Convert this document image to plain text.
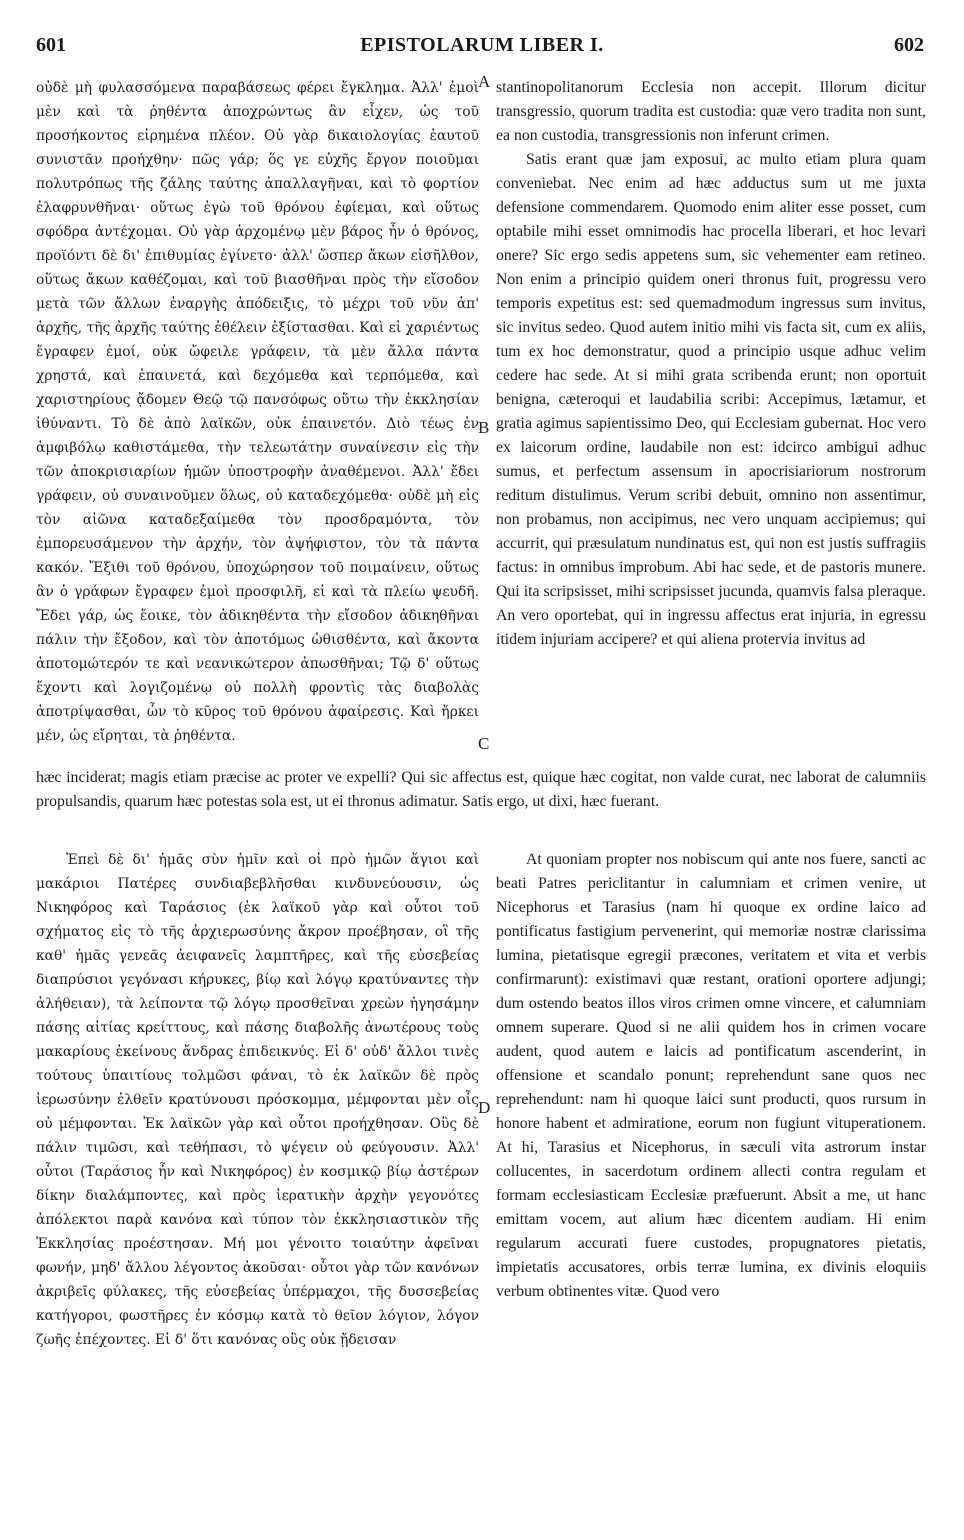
601	EPISTOLARUM LIBER I.	602

οὐδὲ μὴ φυλασσόμενα παραβάσεως φέρει ἔγκλημα. Ἀλλ' ἐμοὶ μὲν καὶ τὰ ῥηθέντα ἀποχρώντως ἂν εἶχεν, ὡς τοῦ προσήκοντος εἰρημένα πλέον. Οὐ γὰρ δικαιολογίας ἑαυτοῦ συνιστᾶν προήχθην· πῶς γάρ; ὅς γε εὐχῆς ἔργον ποιοῦμαι πολυτρόπως τῆς ζάλης ταύτης ἀπαλλαγῆναι, καὶ τὸ φορτίον ἐλαφρυνθῆναι· οὕτως ἐγὼ τοῦ θρόνου ἐφίεμαι, καὶ οὕτως σφόδρα ἀντέχομαι. Οὐ γὰρ ἀρχομένῳ μὲν βάρος ἦν ὁ θρόνος, προϊόντι δὲ δι' ἐπιθυμίας ἐγίνετο· ἀλλ' ὥσπερ ἄκων εἰσῆλθον, οὕτως ἄκων καθέζομαι, καὶ τοῦ βιασθῆναι πρὸς τὴν εἴσοδον μετὰ τῶν ἄλλων ἐναργὴς ἀπόδειξις, τὸ μέχρι τοῦ νῦν ἀπ' ἀρχῆς, τῆς ἀρχῆς ταύτης ἐθέλειν ἐξίστασθαι. Καὶ εἰ χαριέντως ἔγραφεν ἐμοί, οὐκ ὤφειλε γράφειν, τὰ μὲν ἄλλα πάντα χρηστά, καὶ ἐπαινετά, καὶ δεχόμεθα καὶ τερπόμεθα, καὶ χαριστηρίους ᾄδομεν Θεῷ τῷ πανσόφως οὕτω τὴν ἐκκλησίαν ἰθύναντι. Τὸ δὲ ἀπὸ λαϊκῶν, οὐκ ἐπαινετόν. Διὸ τέως ἐν ἀμφιβόλῳ καθιστάμεθα, τὴν τελεωτάτην συναίνεσιν εἰς τὴν τῶν ἀποκρισιαρίων ἡμῶν ὑποστροφὴν ἀναθέμενοι. Ἀλλ' ἔδει γράφειν, οὐ συναινοῦμεν ὅλως, οὐ καταδεχόμεθα· οὐδὲ μὴ εἰς τὸν αἰῶνα καταδεξαίμεθα τὸν προσδραμόντα, τὸν ἐμπορευσάμενον τὴν ἀρχήν, τὸν ἀψήφιστον, τὸν τὰ πάντα κακόν. Ἔξιθι τοῦ θρόνου, ὑποχώρησον τοῦ ποιμαίνειν, οὕτως ἂν ὁ γράφων ἔγραφεν ἐμοὶ προσφιλῆ, εἰ καὶ τὰ πλείω ψευδῆ. Ἔδει γάρ, ὡς ἔοικε, τὸν ἀδικηθέντα τὴν εἴσοδον ἀδικηθῆναι πάλιν τὴν ἔξοδον, καὶ τὸν ἀποτόμως ὠθισθέντα, καὶ ἄκοντα ἀποτομώτερόν τε καὶ νεανικώτερον ἀπωσθῆναι; Τῷ δ' οὕτως ἔχοντι καὶ λογιζομένῳ οὐ πολλὴ φροντὶς τὰς διαβολὰς ἀποτρίψασθαι, ὧν τὸ κῦρος τοῦ θρόνου ἀφαίρεσις. Καὶ ἤρκει μέν, ὡς εἴρηται, τὰ ῥηθέντα.

stantinopolitanorum Ecclesia non accepit. Illorum dicitur transgressio, quorum tradita est custodia: quæ vero tradita non sunt, ea non custodia, transgressionis non inferunt crimen.

Satis erant quæ jam exposui, ac multo etiam plura quam conveniebat. Nec enim ad hæc adductus sum ut me juxta defensione commendarem. Quomodo enim aliter esse posset, cum optabile mihi esset omnimodis hac procella liberari, et hoc levari onere? Sic ergo sedis appetens sum, sic vehementer eam retineo. Non enim a principio quidem oneri thronus fuit, progressu vero temporis expetitus est: sed quemadmodum ingressus sum invitus, sic invitus sedeo. Quod autem initio mihi vis facta sit, cum ex aliis, tum ex hoc demonstratur, quod a principio usque adhuc velim cedere hac sede. At si mihi grata scribenda erunt; non oportuit benigna, cæteroqui et laudabilia scribi: Accepimus, lætamur, et gratia agimus sapientissimo Deo, qui Ecclesiam gubernat. Hoc vero ex laicorum ordine, laudabile non est: idcirco ambigui adhuc sumus, et perfectum assensum in apocrisiariorum nostrorum reditum distulimus. Verum scribi debuit, omnino non assentimur, non probamus, non accipimus, nec vero unquam accipiemus; qui accurrit, qui præsulatum nundinatus est, qui non est justis suffragiis factus: in omnibus improbum. Abi hac sede, et de pastoris munere. Qui ita scripsisset, mihi scripsisset jucunda, quamvis falsa pleraque. An vero oportebat, qui in ingressu affectus erat injuria, in egressu itidem injuriam accipere? et qui aliena protervia invitus ad

hæc inciderat; magis etiam præcise ac proter ve expelli? Qui sic affectus est, quique hæc cogitat, non valde curat, nec laborat de calumniis propulsandis, quarum hæc potestas sola est, ut ei thronus adimatur. Satis ergo, ut dixi, hæc fuerant.

Ἐπεὶ δὲ δι' ἡμᾶς σὺν ἡμῖν καὶ οἱ πρὸ ἡμῶν ἅγιοι καὶ μακάριοι Πατέρες συνδιαβεβλῆσθαι κινδυνεύουσιν, ὡς Νικηφόρος καὶ Ταράσιος (ἐκ λαϊκοῦ γὰρ καὶ οὗτοι τοῦ σχήματος εἰς τὸ τῆς ἀρχιερωσύνης ἄκρον προέβησαν, οἳ τῆς καθ' ἡμᾶς γενεᾶς ἀειφανεῖς λαμπτῆρες, καὶ τῆς εὐσεβείας διαπρύσιοι γεγόνασι κήρυκες, βίῳ καὶ λόγῳ κρατύναντες τὴν ἀλήθειαν), τὰ λείποντα τῷ λόγῳ προσθεῖναι χρεὼν ἡγησάμην πάσης αἰτίας κρείττους, καὶ πάσης διαβολῆς ἀνωτέρους τοὺς μακαρίους ἐκείνους ἄνδρας ἐπιδεικνύς. Εἰ δ' οὐδ' ἄλλοι τινὲς τούτους ὑπαιτίους τολμῶσι φάναι, τὸ ἐκ λαϊκῶν δὲ πρὸς ἱερωσύνην ἐλθεῖν κρατύνουσι πρόσκομμα, μέμφονται μὲν οἷς οὐ μέμφονται. Ἐκ λαϊκῶν γὰρ καὶ οὗτοι προήχθησαν. Οὓς δὲ πάλιν τιμῶσι, καὶ τεθήπασι, τὸ ψέγειν οὐ φεύγουσιν. Ἀλλ' οὗτοι (Ταράσιος ἦν καὶ Νικηφόρος) ἐν κοσμικῷ βίῳ ἀστέρων δίκην διαλάμποντες, καὶ πρὸς ἱερατικὴν ἀρχὴν γεγονότες ἀπόλεκτοι παρὰ κανόνα καὶ τύπον τὸν ἐκκλησιαστικὸν τῆς Ἐκκλησίας προέστησαν. Μή μοι γένοιτο τοιαύτην ἀφεῖναι φωνήν, μηδ' ἄλλου λέγοντος ἀκοῦσαι· οὗτοι γὰρ τῶν κανόνων ἀκριβεῖς φύλακες, τῆς εὐσεβείας ὑπέρμαχοι, τῆς δυσσεβείας κατήγοροι, φωστῆρες ἐν κόσμῳ κατὰ τὸ θεῖον λόγιον, λόγον ζωῆς ἐπέχοντες. Εἰ δ' ὅτι κανόνας οὓς οὐκ ᾔδεισαν

At quoniam propter nos nobiscum qui ante nos fuere, sancti ac beati Patres periclitantur in calumniam et crimen venire, ut Nicephorus et Tarasius (nam hi quoque ex ordine laico ad pontificatus fastigium pervenerint, qui memoriæ nostræ clarissima lumina, pietatisque egregii præcones, veritatem et vita et verbis confirmarunt): existimavi quæ restant, orationi oportere adjungi; dum ostendo beatos illos viros crimen omne vincere, et calumniam omnem superare. Quod si ne alii quidem hos in crimen vocare audent, quod autem e laicis ad pontificatum ascenderint, in offensione et scandalo ponunt; reprehendunt sane quos nec reprehendunt: nam hi quoque laici sunt producti, quos rursum in honore habent et admiratione, eorum non fugiunt vituperationem. At hi, Tarasius et Nicephorus, in sæculi vita astrorum instar collucentes, in sacerdotum ordinem allecti contra regulam et formam ecclesiasticam Ecclesiæ præfuerunt. Absit a me, ut hanc emittam vocem, aut alium hæc dicentem audiam. Hi enim regularum accurati fuere custodes, propugnatores pietatis, impietatis accusatores, orbis terræ lumina, ex divinis eloquiis verbum obtinentes vitæ. Quod vero

A
B
C
D
